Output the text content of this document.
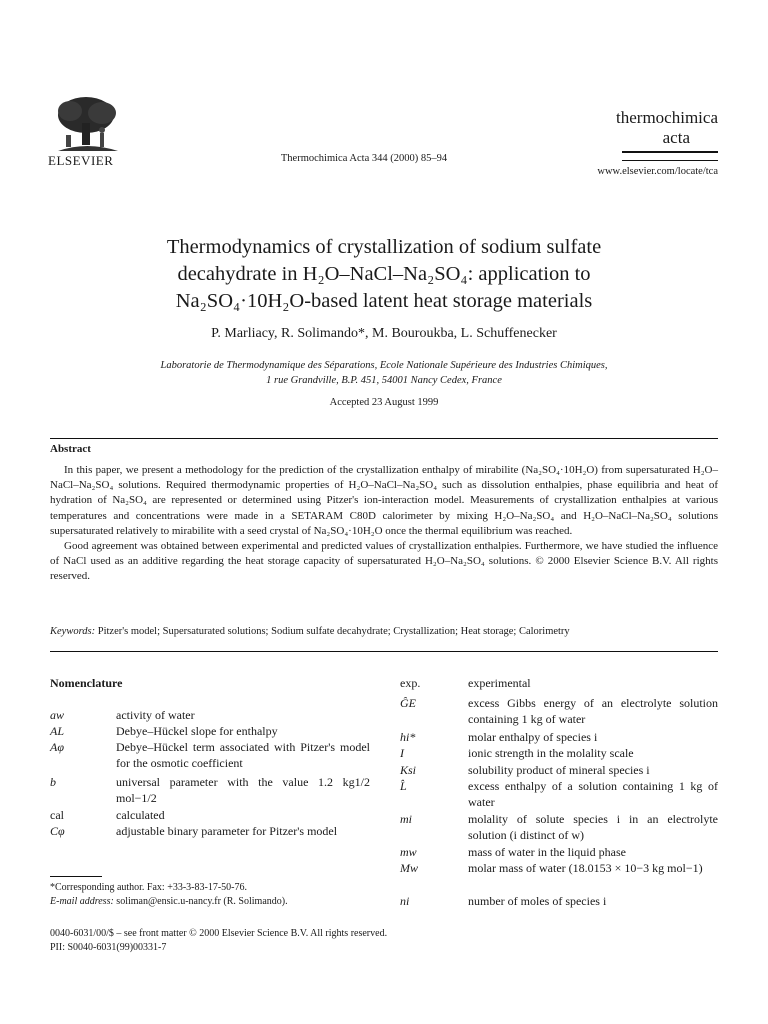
ELSEVIER	Thermochimica Acta 344 (2000) 85–94
thermochimica
acta
www.elsevier.com/locate/tca
Thermodynamics of crystallization of sodium sulfate
decahydrate in H₂O–NaCl–Na₂SO₄: application to
Na₂SO₄·10H₂O-based latent heat storage materials
P. Marliacy, R. Solimando*, M. Bouroukba, L. Schuffenecker
Laboratorie de Thermodynamique des Séparations, Ecole Nationale Supérieure des Industries Chimiques,
1 rue Grandville, B.P. 451, 54001 Nancy Cedex, France
Accepted 23 August 1999
Abstract

In this paper, we present a methodology for the prediction of the crystallization enthalpy of mirabilite (Na₂SO₄·10H₂O) from supersaturated H₂O–NaCl–Na₂SO₄ solutions. Required thermodynamic properties of H₂O–NaCl–Na₂SO₄ such as dissolution enthalpies, phase equilibria and heat of hydration of Na₂SO₄ are represented or determined using Pitzer's ion-interaction model. Measurements of crystallization enthalpies at various temperatures and concentrations were made in a SETARAM C80D calorimeter by mixing H₂O–Na₂SO₄ and H₂O–NaCl–Na₂SO₄ solutions supersaturated relatively to mirabilite with a seed crystal of Na₂SO₄·10H₂O once the thermal equilibrium was reached.

Good agreement was obtained between experimental and predicted values of crystallization enthalpies. Furthermore, we have studied the influence of NaCl used as an additive regarding the heat storage capacity of supersaturated H₂O–Na₂SO₄ solutions. © 2000 Elsevier Science B.V. All rights reserved.

Keywords: Pitzer's model; Supersaturated solutions; Sodium sulfate decahydrate; Crystallization; Heat storage; Calorimetry
Nomenclature
aw	activity of water
AL	Debye–Hückel slope for enthalpy
Aφ	Debye–Hückel term associated with Pitzer's model for the osmotic coefficient
b	universal parameter with the value 1.2 kg1/2 mol−1/2
cal	calculated
Cφ	adjustable binary parameter for Pitzer's model
exp.	experimental
ĜE	excess Gibbs energy of an electrolyte solution containing 1 kg of water
hi*	molar enthalpy of species i
I	ionic strength in the molality scale
Ksi	solubility product of mineral species i
L̂	excess enthalpy of a solution containing 1 kg of water
mi	molality of solute species i in an electrolyte solution (i distinct of w)
mw	mass of water in the liquid phase
Mw	molar mass of water (18.0153 × 10−3 kg mol−1)
ni	number of moles of species i
*Corresponding author. Fax: +33-3-83-17-50-76.
E-mail address: soliman@ensic.u-nancy.fr (R. Solimando).
0040-6031/00/$ – see front matter © 2000 Elsevier Science B.V. All rights reserved.
PII: S0040-6031(99)00331-7
